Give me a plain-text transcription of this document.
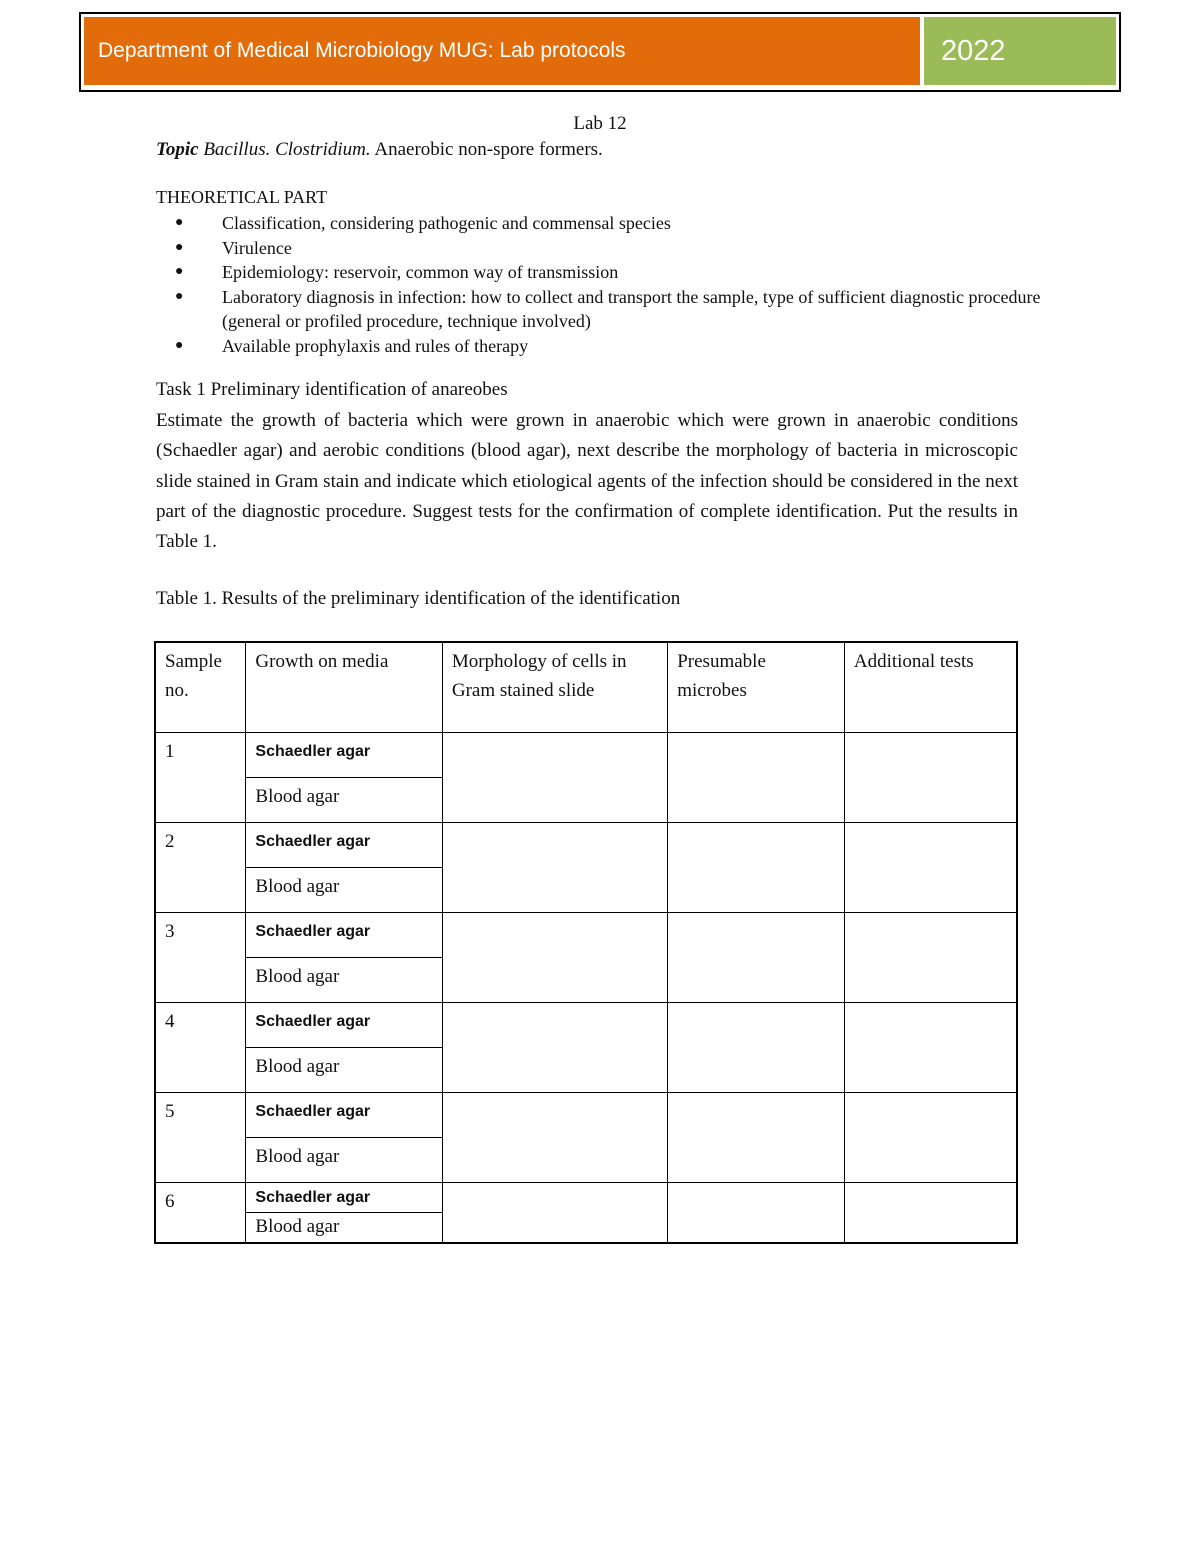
Department of Medical Microbiology MUG: Lab protocols	2022
Lab 12
Topic Bacillus. Clostridium. Anaerobic non-spore formers.
THEORETICAL PART
● Classification, considering pathogenic and commensal species
● Virulence
● Epidemiology: reservoir, common way of transmission
● Laboratory diagnosis in infection: how to collect and transport the sample, type of sufficient diagnostic procedure (general or profiled procedure, technique involved)
● Available prophylaxis and rules of therapy
Task 1 Preliminary identification of anareobes
Estimate the growth of bacteria which were grown in anaerobic which were grown in anaerobic conditions (Schaedler agar) and aerobic conditions (blood agar), next describe the morphology of bacteria in microscopic slide stained in Gram stain and indicate which etiological agents of the infection should be considered in the next part of the diagnostic procedure. Suggest tests for the confirmation of complete identification. Put the results in Table 1.
Table 1. Results of the preliminary identification of the identification
Sample no.	Growth on media	Morphology of cells in Gram stained slide	Presumable microbes	Additional tests
1	Schaedler agar			
	Blood agar			
2	Schaedler agar			
	Blood agar			
3	Schaedler agar			
	Blood agar			
4	Schaedler agar			
	Blood agar			
5	Schaedler agar			
	Blood agar			
6	Schaedler agar			
	Blood agar			
